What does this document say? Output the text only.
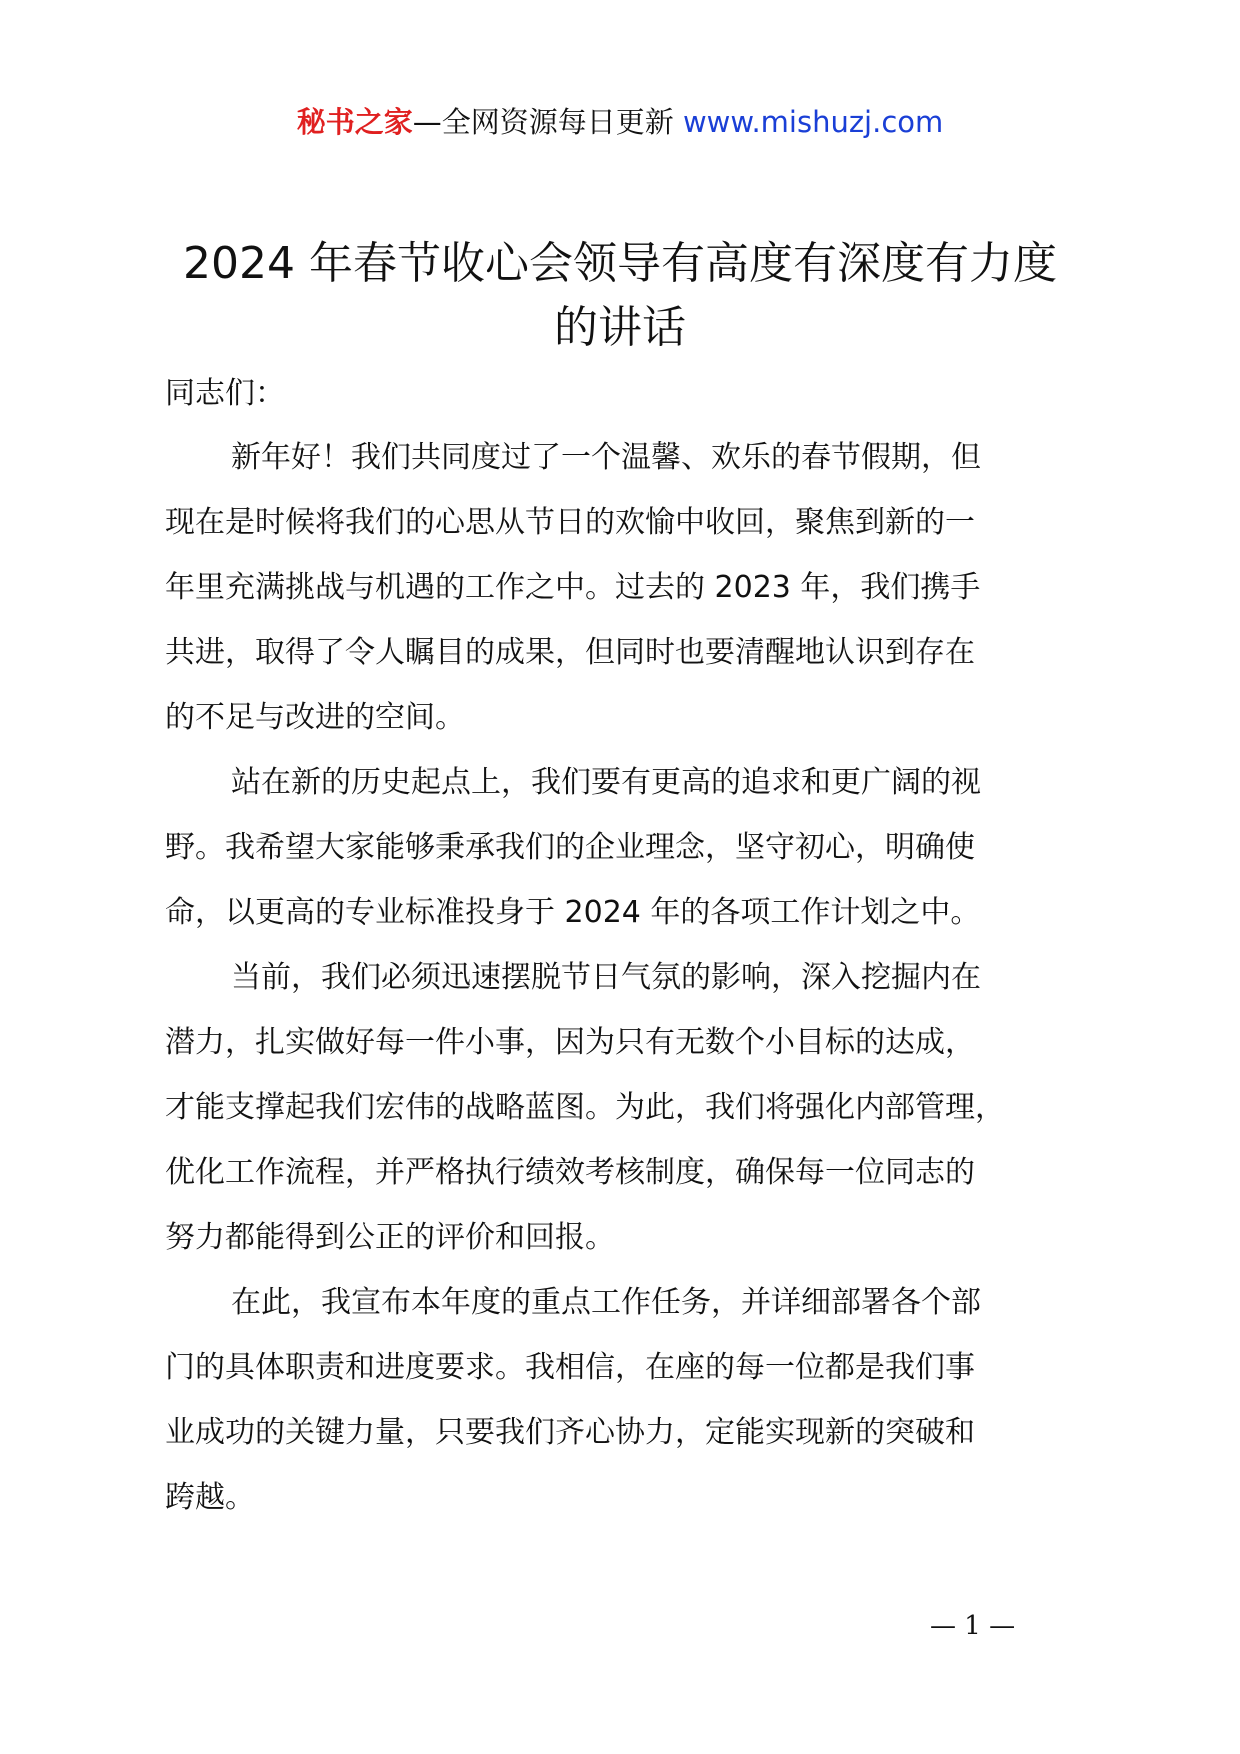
秘书之家—全网资源每日更新 www.mishuzj.com
2024 年春节收心会领导有高度有深度有力度
的讲话
同志们：
新年好！我们共同度过了一个温馨、欢乐的春节假期，但
现在是时候将我们的心思从节日的欢愉中收回，聚焦到新的一
年里充满挑战与机遇的工作之中。过去的 2023 年，我们携手
共进，取得了令人瞩目的成果，但同时也要清醒地认识到存在
的不足与改进的空间。
站在新的历史起点上，我们要有更高的追求和更广阔的视
野。我希望大家能够秉承我们的企业理念，坚守初心，明确使
命，以更高的专业标准投身于 2024 年的各项工作计划之中。
当前，我们必须迅速摆脱节日气氛的影响，深入挖掘内在
潜力，扎实做好每一件小事，因为只有无数个小目标的达成，
才能支撑起我们宏伟的战略蓝图。为此，我们将强化内部管理，
优化工作流程，并严格执行绩效考核制度，确保每一位同志的
努力都能得到公正的评价和回报。
在此，我宣布本年度的重点工作任务，并详细部署各个部
门的具体职责和进度要求。我相信，在座的每一位都是我们事
业成功的关键力量，只要我们齐心协力，定能实现新的突破和
跨越。
— 1 —
